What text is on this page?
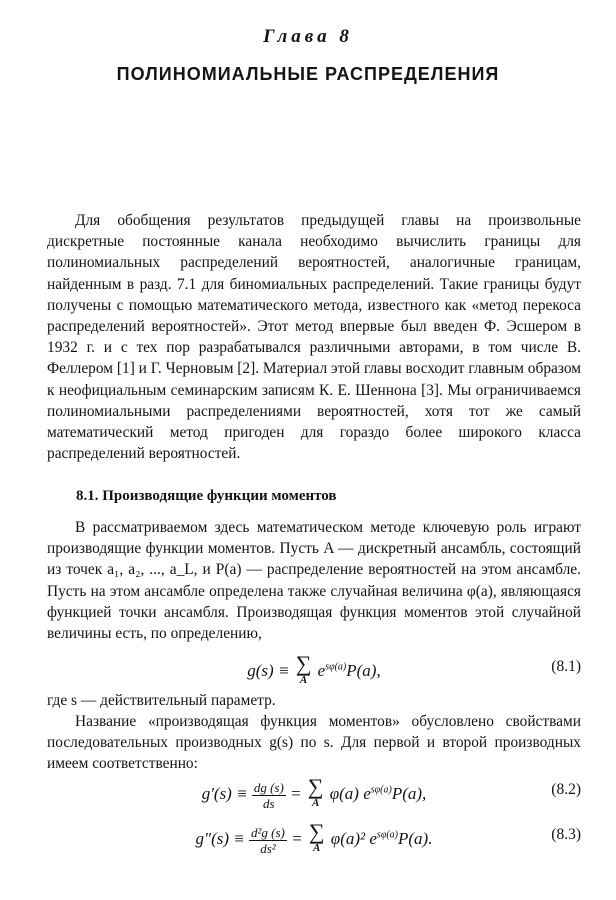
Глава 8
ПОЛИНОМИАЛЬНЫЕ РАСПРЕДЕЛЕНИЯ

Для обобщения результатов предыдущей главы на произвольные дискретные постоянные канала необходимо вычислить границы для полиномиальных распределений вероятностей, аналогичные границам, найденным в разд. 7.1 для биномиальных распределений. Такие границы будут получены с помощью математического метода, известного как «метод перекоса распределений вероятностей». Этот метод впервые был введен Ф. Эсшером в 1932 г. и с тех пор разрабатывался различными авторами, в том числе В. Феллером [1] и Г. Черновым [2]. Материал этой главы восходит главным образом к неофициальным семинарским записям К. Е. Шеннона [3]. Мы ограничиваемся полиномиальными распределениями вероятностей, хотя тот же самый математический метод пригоден для гораздо более широкого класса распределений вероятностей.

8.1. Производящие функции моментов

В рассматриваемом здесь математическом методе ключевую роль играют производящие функции моментов. Пусть A — дискретный ансамбль, состоящий из точек a₁, a₂, ..., a_L, и P(a) — распределение вероятностей на этом ансамбле. Пусть на этом ансамбле определена также случайная величина φ(a), являющаяся функцией точки ансамбля. Производящая функция моментов этой случайной величины есть, по определению,

g(s) ≡ ∑
A
$e^{s\varphi(a)}P(a)$,	(8.1)

где s — действительный параметр.

Название «производящая функция моментов» обусловлено свойствами последовательных производных g(s) по s. Для первой и второй производных имеем соответственно:

$g'(s) \equiv \frac{dg (s)}{ds}$ = ∑
A
φ(a) $e^{s\varphi(a)}P(a)$,	(8.2)
$g''(s) \equiv \frac{\text{d²g (s)}}{\text{ds²}}$ = ∑
A
φ(a)² $e^{s\varphi(a)}P(a)$.	(8.3)
